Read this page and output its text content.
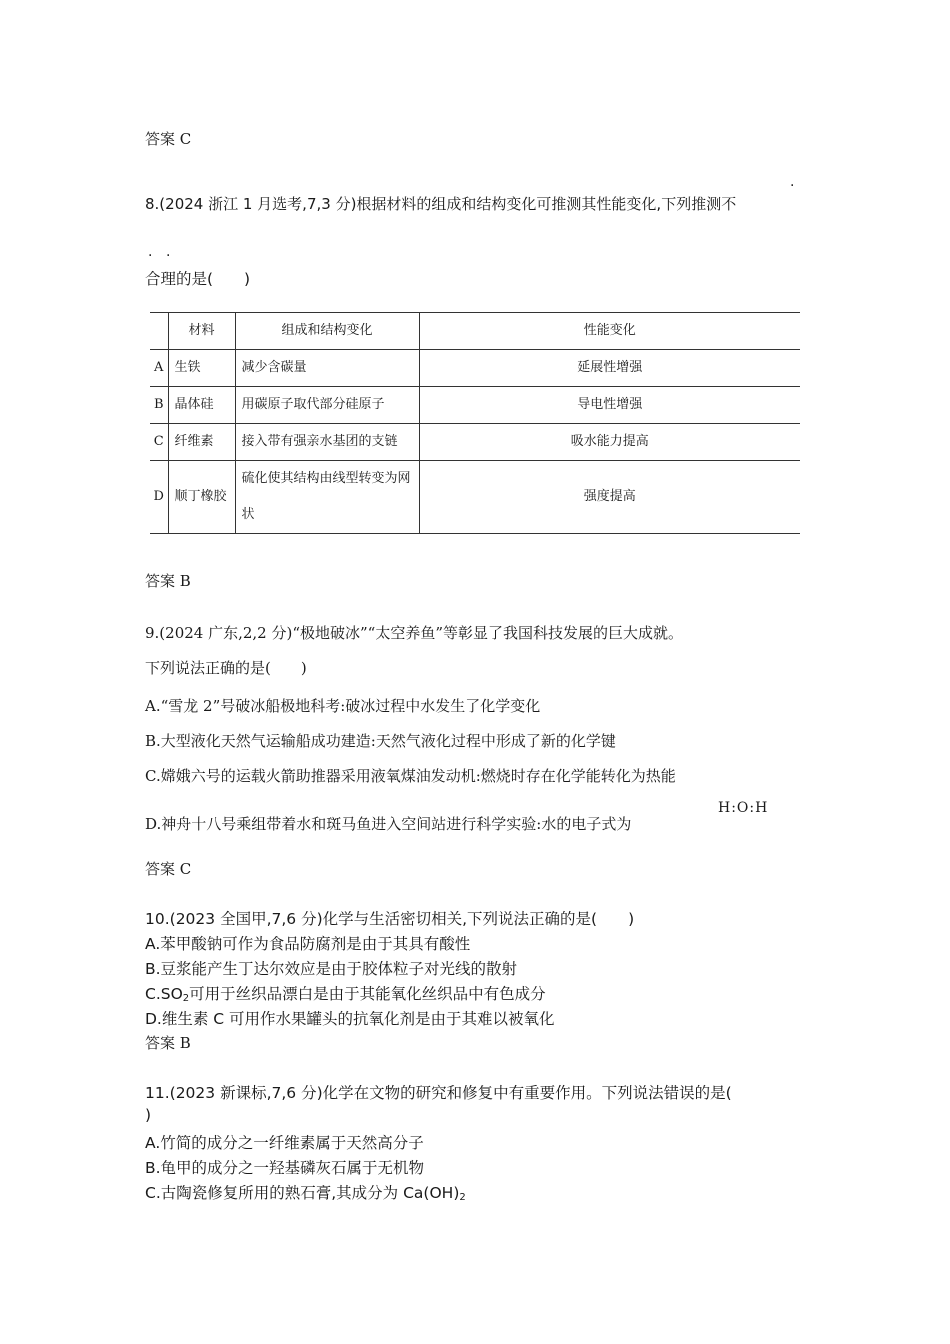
答案 C

8.(2024 浙江 1 月选考,7,3 分)根据材料的组成和结构变化可推测其性能变化,下列推测不

·
· ·

合理的是(　　)

	材料	组成和结构变化	性能变化
A	生铁	减少含碳量	延展性增强
B	晶体硅	用碳原子取代部分硅原子	导电性增强
C	纤维素	接入带有强亲水基团的支链	吸水能力提高
D	顺丁橡胶	硫化使其结构由线型转变为网状	强度提高

答案 B

9.(2024 广东,2,2 分)“极地破冰”“太空养鱼”等彰显了我国科技发展的巨大成就。

下列说法正确的是(　　)

A.“雪龙 2”号破冰船极地科考:破冰过程中水发生了化学变化

B.大型液化天然气运输船成功建造:天然气液化过程中形成了新的化学键

C.嫦娥六号的运载火箭助推器采用液氧煤油发动机:燃烧时存在化学能转化为热能

D.神舟十八号乘组带着水和斑马鱼进入空间站进行科学实验:水的电子式为

H:O:H

答案 C

10.(2023 全国甲,7,6 分)化学与生活密切相关,下列说法正确的是(　　)

A.苯甲酸钠可作为食品防腐剂是由于其具有酸性

B.豆浆能产生丁达尔效应是由于胶体粒子对光线的散射

$C.SO_2$可用于丝织品漂白是由于其能氧化丝织品中有色成分

D.维生素 C 可用作水果罐头的抗氧化剂是由于其难以被氧化

答案 B

11.(2023 新课标,7,6 分)化学在文物的研究和修复中有重要作用。下列说法错误的是(

)

A.竹简的成分之一纤维素属于天然高分子

B.龟甲的成分之一羟基磷灰石属于无机物

C.古陶瓷修复所用的熟石膏,其成分为 $Ca(OH)_2$
